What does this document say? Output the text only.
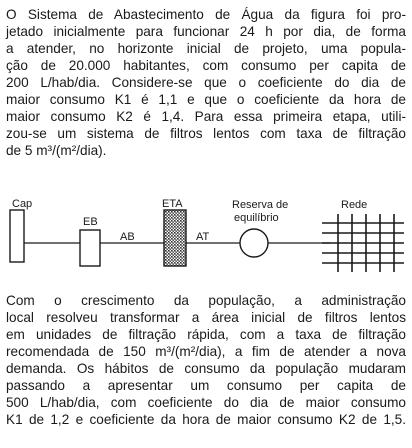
O Sistema de Abastecimento de Água da figura foi pro-
jetado inicialmente para funcionar 24 h por dia, de forma
a atender, no horizonte inicial de projeto, uma popula-
ção de 20.000 habitantes, com consumo per capita de
200 L/hab/dia. Considere-se que o coeficiente do dia de
maior consumo K1 é 1,1 e que o coeficiente da hora de
maior consumo K2 é 1,4. Para essa primeira etapa, utili-
zou-se um sistema de filtros lentos com taxa de filtração
de 5 m³/(m²/dia).
Cap
EB
AB
ETA
AT
Reserva de
equilíbrio
Rede
Com o crescimento da população, a administração
local resolveu transformar a área inicial de filtros lentos
em unidades de filtração rápida, com a taxa de filtração
recomendada de 150 m³/(m²/dia), a fim de atender a nova
demanda. Os hábitos de consumo da população mudaram
passando a apresentar um consumo per capita de
500 L/hab/dia, com coeficiente do dia de maior consumo
K1 de 1,2 e coeficiente da hora de maior consumo K2 de 1,5.
